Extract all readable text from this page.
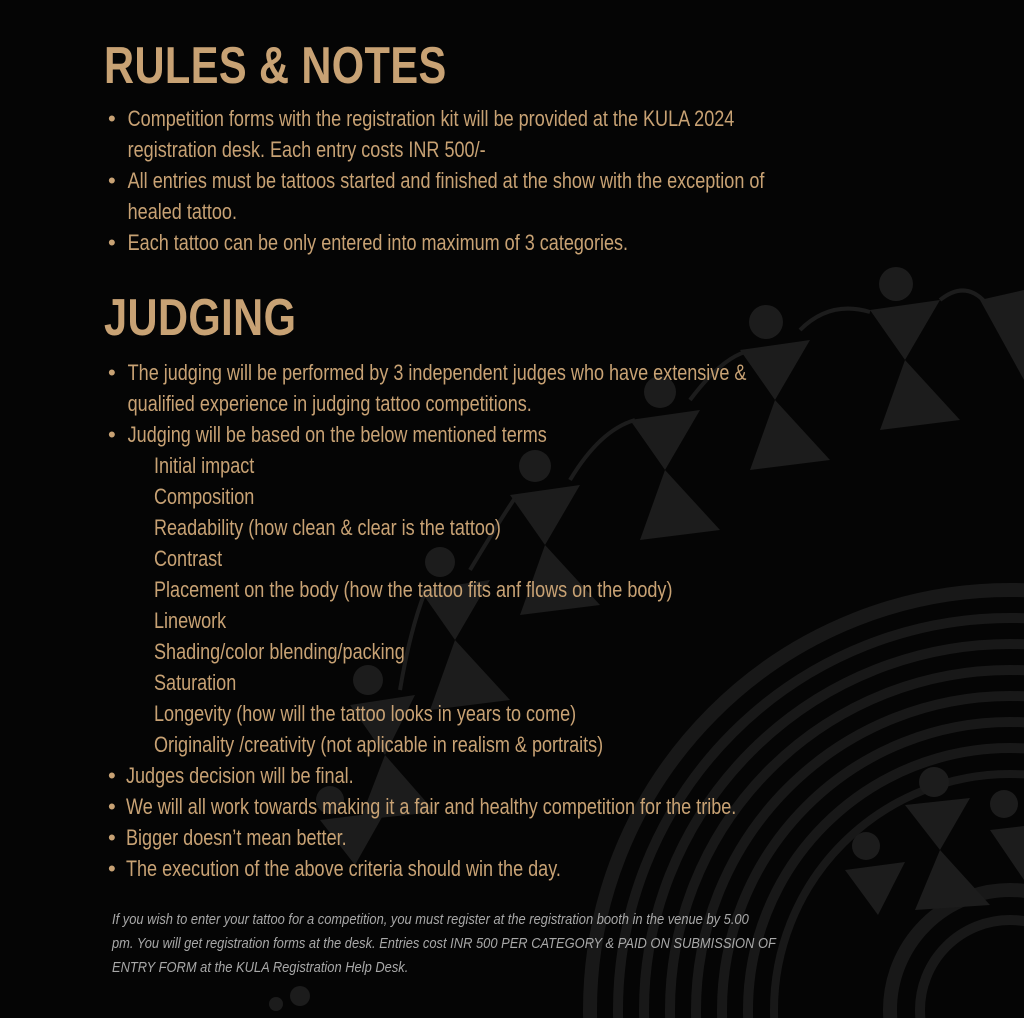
RULES & NOTES
• Competition forms with the registration kit will be provided at the KULA 2024
registration desk. Each entry costs INR 500/-
• All entries must be tattoos started and finished at the show with the exception of
healed tattoo.
• Each tattoo can be only entered into maximum of 3 categories.
JUDGING
• The judging will be performed by 3 independent judges who have extensive &
qualified experience in judging tattoo competitions.
• Judging will be based on the below mentioned terms
Initial impact
Composition
Readability (how clean & clear is the tattoo)
Contrast
Placement on the body (how the tattoo fits anf flows on the body)
Linework
Shading/color blending/packing
Saturation
Longevity (how will the tattoo looks in years to come)
Originality /creativity (not aplicable in realism & portraits)
• Judges decision will be final.
• We will all work towards making it a fair and healthy competition for the tribe.
• Bigger doesn’t mean better.
• The execution of the above criteria should win the day.
If you wish to enter your tattoo for a competition, you must register at the registration booth in the venue by 5.00
pm. You will get registration forms at the desk. Entries cost INR 500 PER CATEGORY & PAID ON SUBMISSION OF
ENTRY FORM at the KULA Registration Help Desk.
